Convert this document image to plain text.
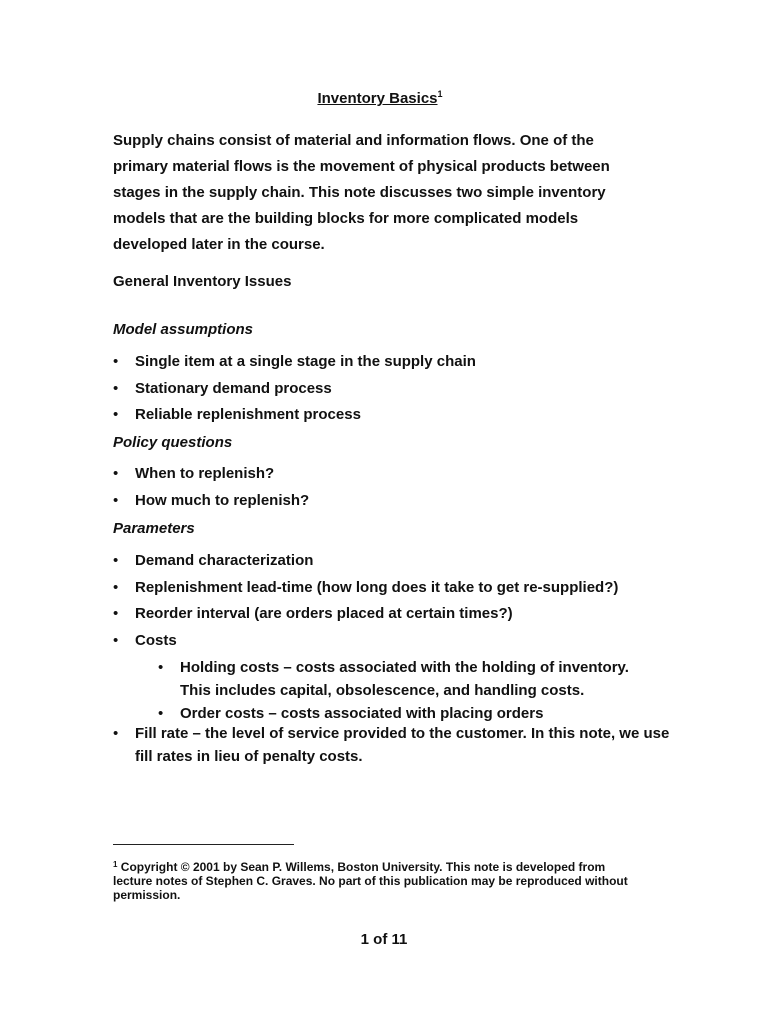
Inventory Basics$^1$
Supply chains consist of material and information flows. One of the
primary material flows is the movement of physical products between
stages in the supply chain. This note discusses two simple inventory
models that are the building blocks for more complicated models
developed later in the course.
General Inventory Issues
Model assumptions
• Single item at a single stage in the supply chain
• Stationary demand process
• Reliable replenishment process
Policy questions
• When to replenish?
• How much to replenish?
Parameters
• Demand characterization
• Replenishment lead-time (how long does it take to get re-supplied?)
• Reorder interval (are orders placed at certain times?)
• Costs
• Holding costs – costs associated with the holding of inventory. This includes capital, obsolescence, and handling costs.
• Order costs – costs associated with placing orders
• Fill rate – the level of service provided to the customer. In this note, we use fill rates in lieu of penalty costs.
$^1$ Copyright © 2001 by Sean P. Willems, Boston University. This note is developed from
lecture notes of Stephen C. Graves. No part of this publication may be reproduced without
permission.
1 of 11
